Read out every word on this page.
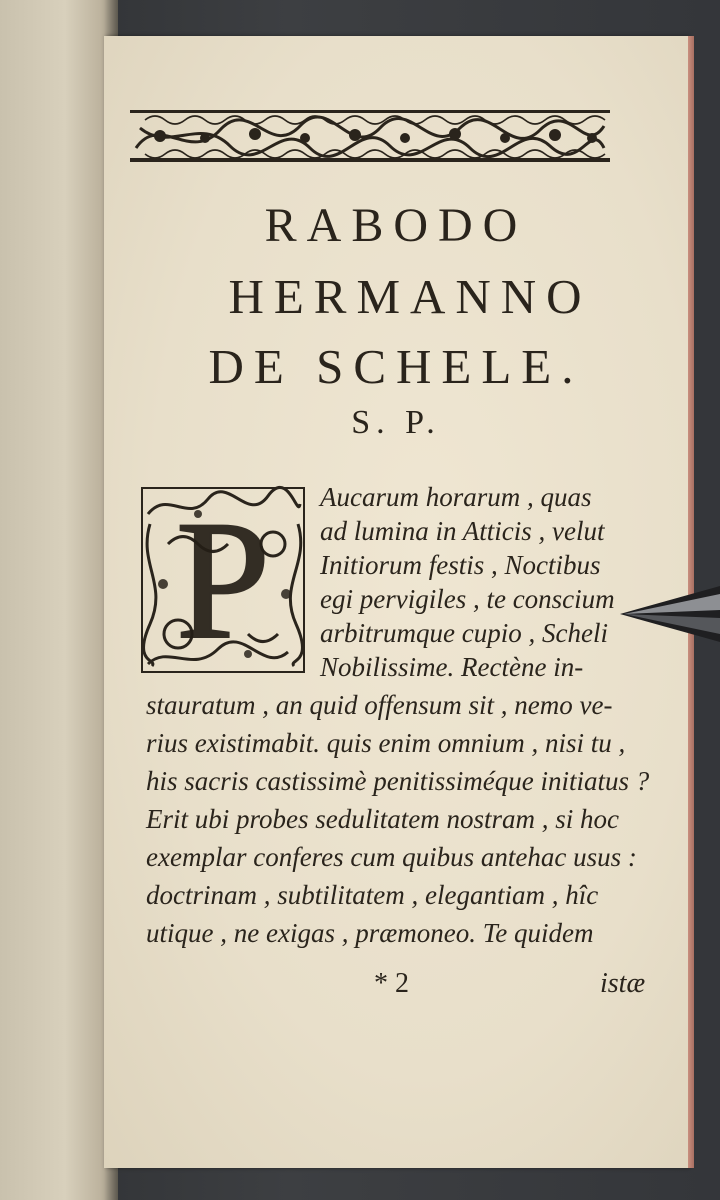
RABODO
HERMANNO
DE SCHELE.
S. P.
P	Aucarum horarum , quas

ad lumina in Atticis , velut

Initiorum festis , Noctibus

egi pervigiles , te conscium

arbitrumque cupio , Scheli

Nobilissime. Rectène in-

stauratum , an quid offensum sit , nemo ve-

rius existimabit. quis enim omnium , nisi tu ,

his sacris castissimè penitissiméque initiatus ?

Erit ubi probes sedulitatem nostram , si hoc

exemplar conferes cum quibus antehac usus :

doctrinam , subtilitatem , elegantiam , hîc

utique , ne exigas , præmoneo. Te quidem

* 2	istæ
